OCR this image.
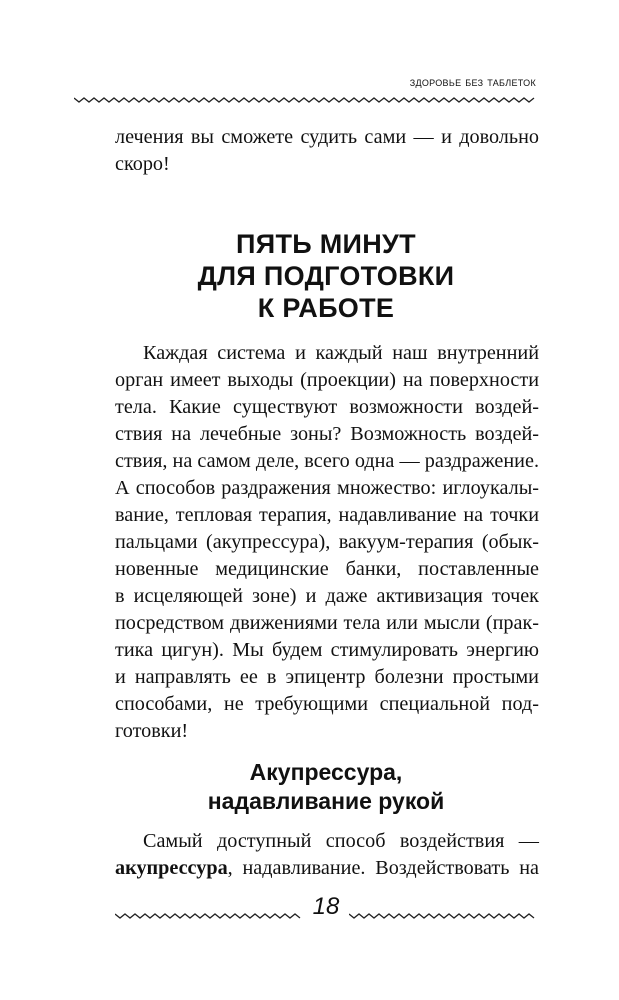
здоровье без таблеток
лечения вы сможете судить сами — и довольно
скоро!
ПЯТЬ МИНУТ
ДЛЯ ПОДГОТОВКИ
К РАБОТЕ
Каждая система и каждый наш внутренний
орган имеет выходы (проекции) на поверхности
тела. Какие существуют возможности воздей-
ствия на лечебные зоны? Возможность воздей-
ствия, на самом деле, всего одна — раздражение.
А способов раздражения множество: иглоукалы-
вание, тепловая терапия, надавливание на точки
пальцами (акупрессура), вакуум-терапия (обык-
новенные медицинские банки, поставленные
в исцеляющей зоне) и даже активизация точек
посредством движениями тела или мысли (прак-
тика цигун). Мы будем стимулировать энергию
и направлять ее в эпицентр болезни простыми
способами, не требующими специальной под-
готовки!
Акупрессура,
надавливание рукой
Самый доступный способ воздействия —
акупрессура, надавливание. Воздействовать на
18
